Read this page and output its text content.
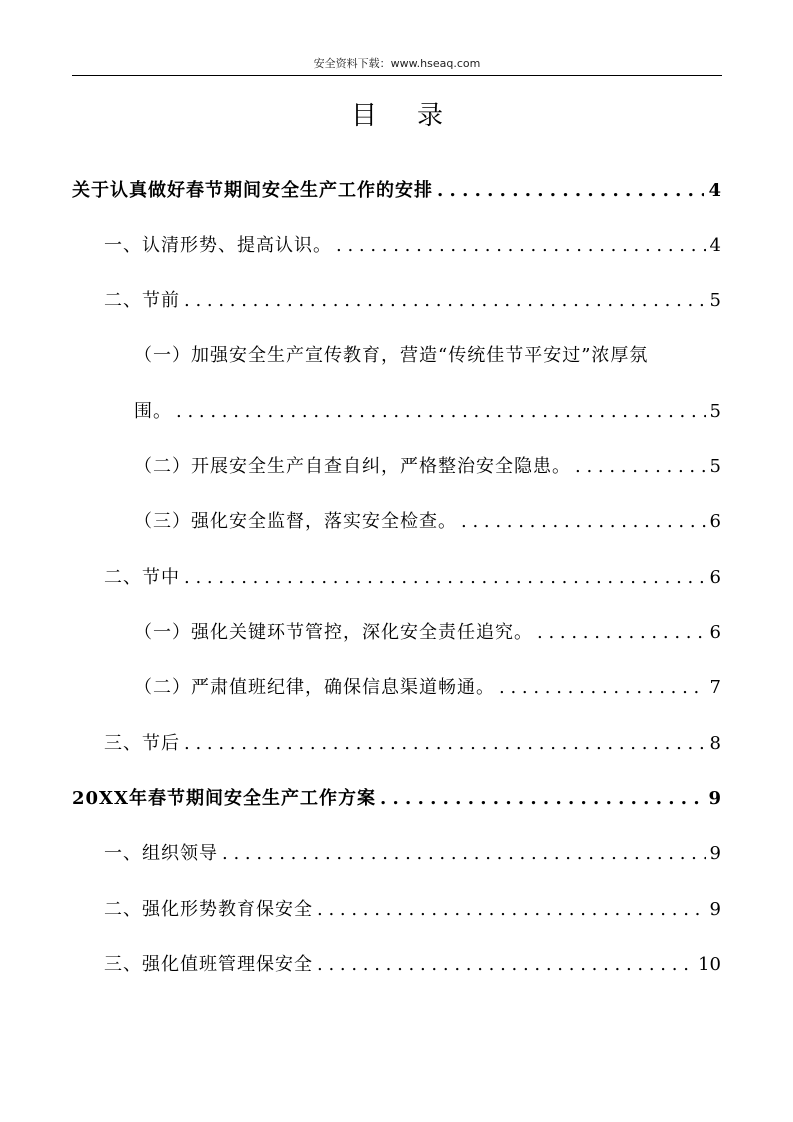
安全资料下载：www.hseaq.com
目录
关于认真做好春节期间安全生产工作的安排 . . .	4
一、认清形势、提高认识。 . . .	4
二、节前 . . .	5
（一）加强安全生产宣传教育，营造“传统佳节平安过”浓厚氛
围。 . . .	5
（二）开展安全生产自查自纠，严格整治安全隐患。 . . .	5
（三）强化安全监督，落实安全检查。 . . .	6
二、节中 . . .	6
（一）强化关键环节管控，深化安全责任追究。 . . .	6
（二）严肃值班纪律，确保信息渠道畅通。 . . .	7
三、节后 . . .	8
20XX年春节期间安全生产工作方案 . . .	9
一、组织领导 . . .	9
二、强化形势教育保安全 . . .	9
三、强化值班管理保安全 . . .	10
